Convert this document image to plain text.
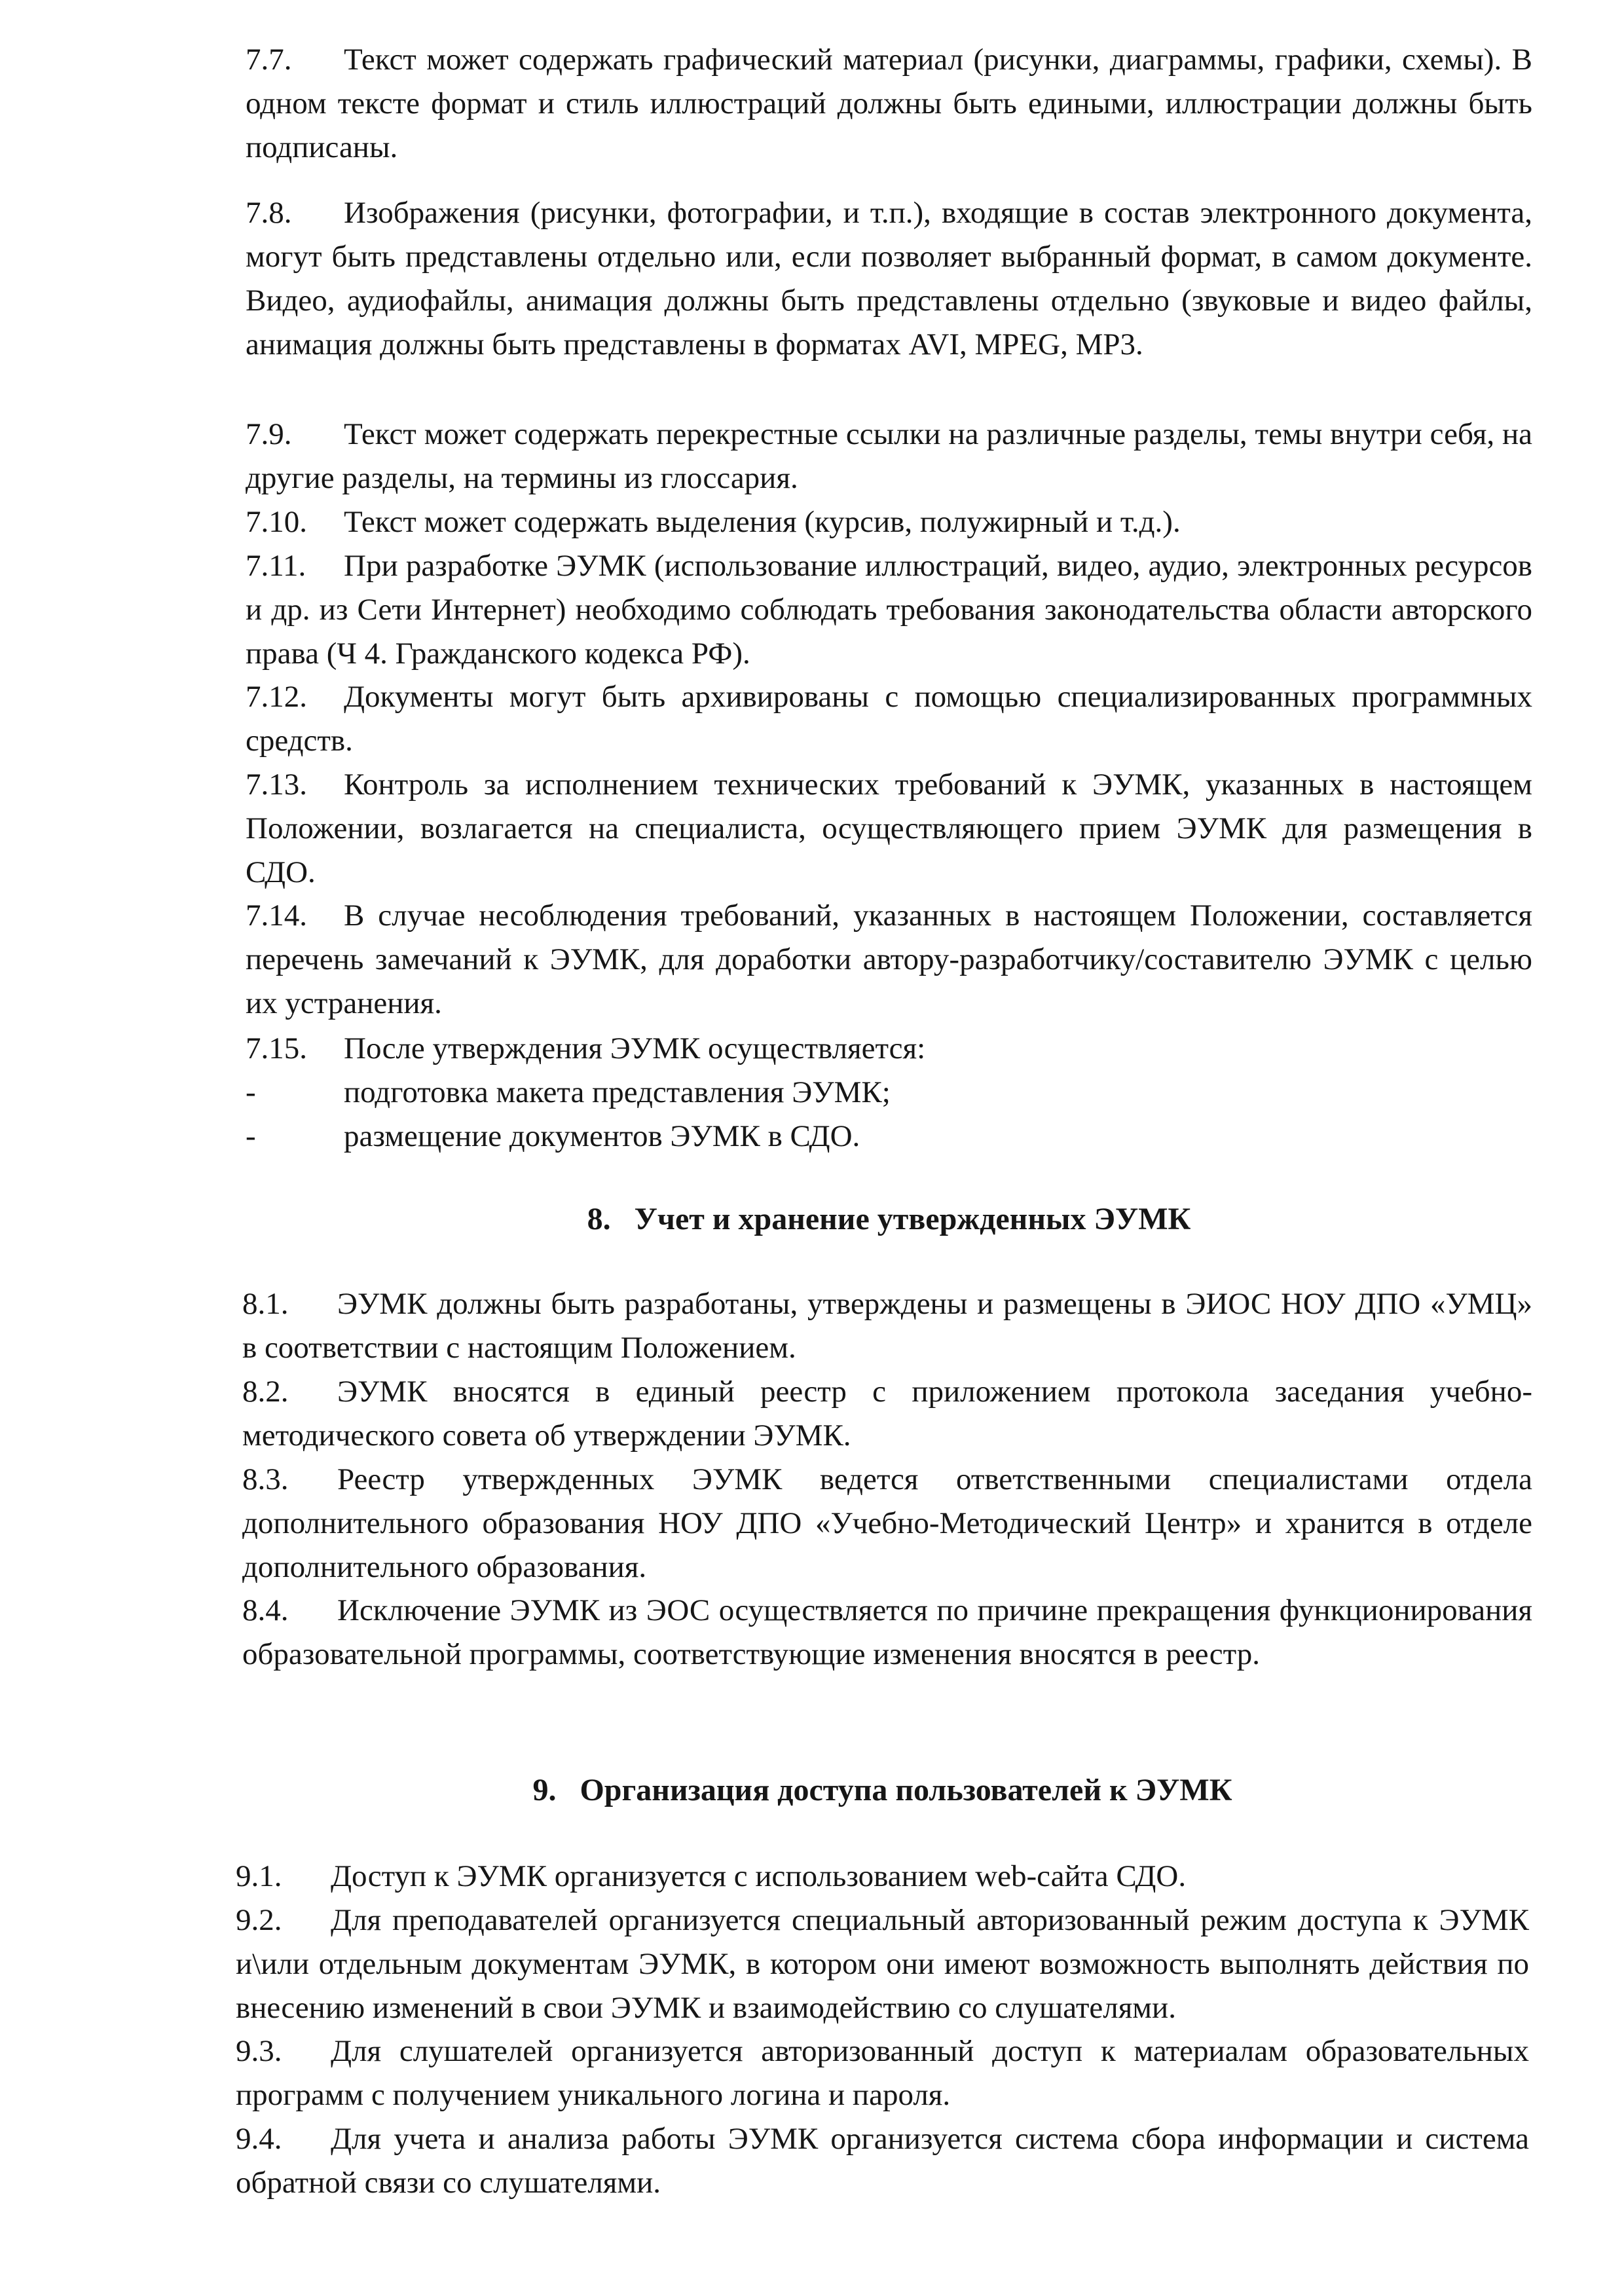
7.7.	Текст может содержать графический материал (рисунки, диаграммы, графики, схемы). В одном тексте формат и стиль иллюстраций должны быть едиными, иллюстрации должны быть подписаны.
7.8.	Изображения (рисунки, фотографии, и т.п.), входящие в состав электронного документа, могут быть представлены отдельно или, если позволяет выбранный формат, в самом документе. Видео, аудиофайлы, анимация должны быть представлены отдельно (звуковые и видео файлы, анимация должны быть представлены в форматах AVI, MPEG, MP3.
7.9.	Текст может содержать перекрестные ссылки на различные разделы, темы внутри себя, на другие разделы, на термины из глоссария.
7.10.	Текст может содержать выделения (курсив, полужирный и т.д.).
7.11.	При разработке ЭУМК (использование иллюстраций, видео, аудио, электронных ресурсов и др. из Сети Интернет) необходимо соблюдать требования законодательства области авторского права (Ч 4. Гражданского кодекса РФ).
7.12.	Документы могут быть архивированы с помощью специализированных программных средств.
7.13.	Контроль за исполнением технических требований к ЭУМК, указанных в настоящем Положении, возлагается на специалиста, осуществляющего прием ЭУМК для размещения в СДО.
7.14.	В случае несоблюдения требований, указанных в настоящем Положении, составляется перечень замечаний к ЭУМК, для доработки автору-разработчику/составителю ЭУМК с целью их устранения.
7.15.	После утверждения ЭУМК осуществляется:
-	подготовка макета представления ЭУМК;
-	размещение документов ЭУМК в СДО.
8.   Учет и хранение утвержденных ЭУМК
8.1.	ЭУМК должны быть разработаны, утверждены и размещены в ЭИОС НОУ ДПО «УМЦ» в соответствии с настоящим Положением.
8.2.	ЭУМК вносятся в единый реестр с приложением протокола заседания учебно-методического совета об утверждении ЭУМК.
8.3.	Реестр утвержденных ЭУМК ведется ответственными специалистами отдела дополнительного образования НОУ ДПО «Учебно-Методический Центр» и хранится в отделе дополнительного образования.
8.4.	Исключение ЭУМК из ЭОС осуществляется по причине прекращения функционирования образовательной программы, соответствующие изменения вносятся в реестр.
9.   Организация доступа пользователей к ЭУМК
9.1.	Доступ к ЭУМК организуется с использованием web-сайта СДО.
9.2.	Для преподавателей организуется специальный авторизованный режим доступа к ЭУМК и\или отдельным документам ЭУМК, в котором они имеют возможность выполнять действия по внесению изменений в свои ЭУМК и взаимодействию со слушателями.
9.3.	Для слушателей организуется авторизованный доступ к материалам образовательных программ с получением уникального логина и пароля.
9.4.	Для учета и анализа работы ЭУМК организуется система сбора информации и система обратной связи со слушателями.
